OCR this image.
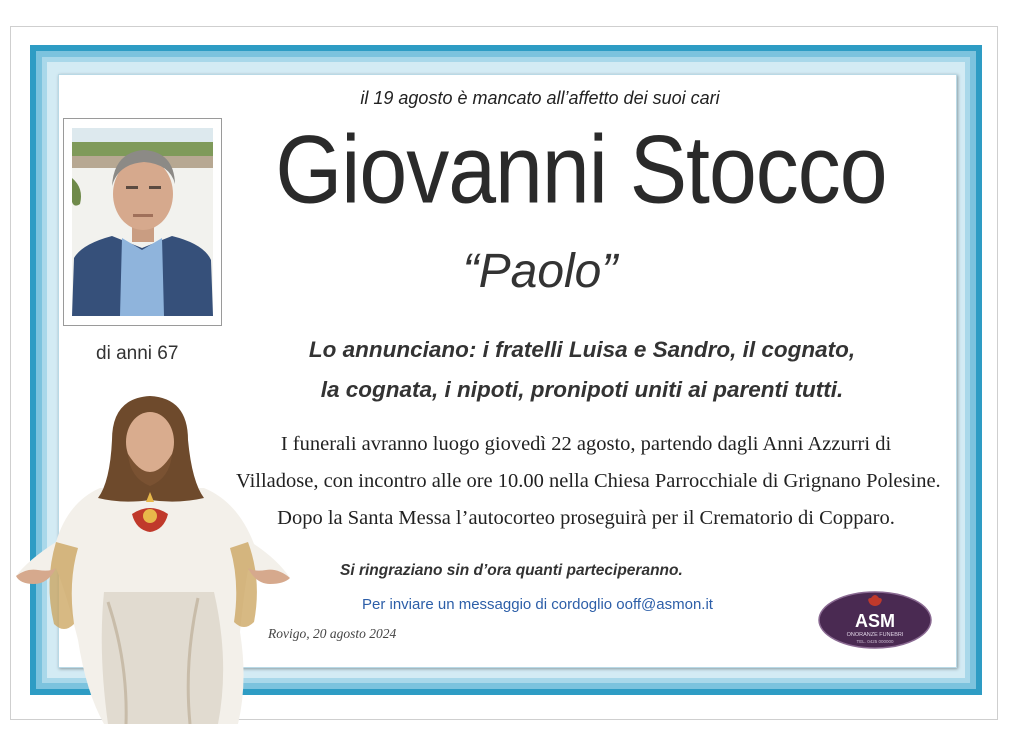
il 19 agosto è mancato all’affetto dei suoi cari
Giovanni Stocco
“Paolo”
di anni 67	Lo annunciano: i fratelli Luisa e Sandro, il cognato,
la cognata, i nipoti, pronipoti uniti ai parenti tutti.
I funerali avranno luogo giovedì 22 agosto, partendo dagli Anni Azzurri di
Villadose, con incontro alle ore 10.00 nella Chiesa Parrocchiale di Grignano Polesine.
Dopo la Santa Messa l’autocorteo proseguirà per il Crematorio di Copparo.
Si ringraziano sin d’ora quanti parteciperanno.
Per inviare un messaggio di cordoglio ooff@asmon.it
Rovigo, 20 agosto 2024
ASM
ONORANZE FUNEBRI
TEL. 0425 000000
